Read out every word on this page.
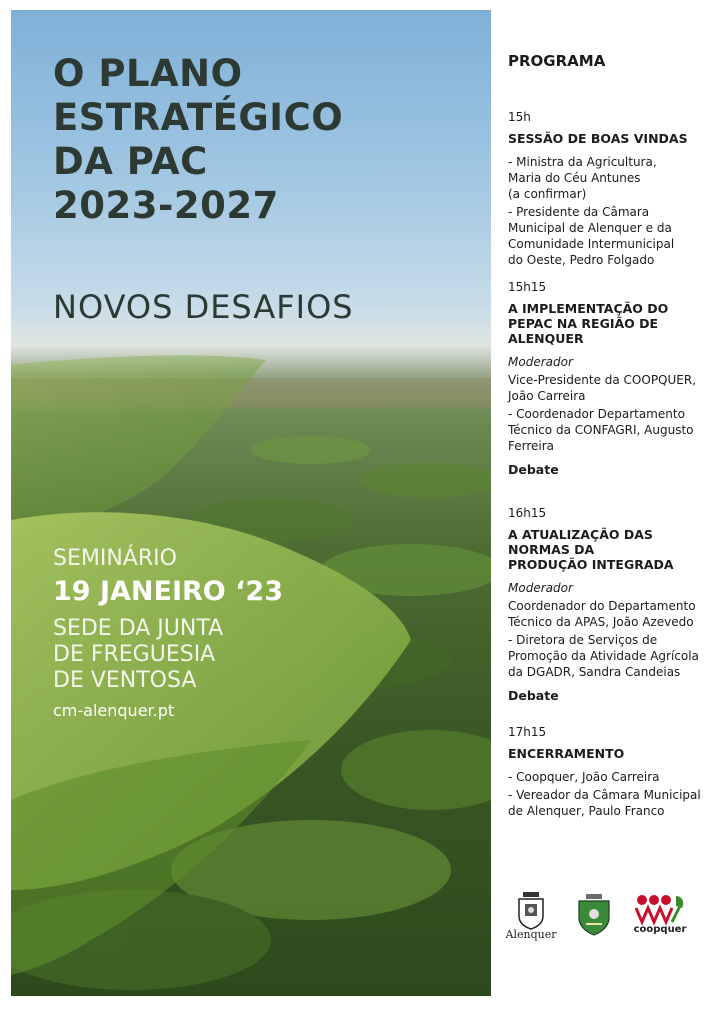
O PLANO
ESTRATÉGICO
DA PAC
2023-2027
NOVOS DESAFIOS
SEMINÁRIO
19 JANEIRO ‘23
SEDE DA JUNTA
DE FREGUESIA
DE VENTOSA
cm-alenquer.pt
PROGRAMA
15h
SESSÃO DE BOAS VINDAS
- Ministra da Agricultura,
Maria do Céu Antunes
(a confirmar)
- Presidente da Câmara
Municipal de Alenquer e da
Comunidade Intermunicipal
do Oeste, Pedro Folgado
15h15
A IMPLEMENTAÇÃO DO
PEPAC NA REGIÃO DE
ALENQUER
Moderador
Vice-Presidente da COOPQUER,
João Carreira
- Coordenador Departamento
Técnico da CONFAGRI, Augusto
Ferreira
Debate
16h15
A ATUALIZAÇÃO DAS
NORMAS DA
PRODUÇÃO INTEGRADA
Moderador
Coordenador do Departamento
Técnico da APAS, João Azevedo
- Diretora de Serviços de
Promoção da Atividade Agrícola
da DGADR, Sandra Candeias
Debate
17h15
ENCERRAMENTO
- Coopquer, João Carreira
- Vereador da Câmara Municipal
de Alenquer, Paulo Franco
Alenquer	coopquer
